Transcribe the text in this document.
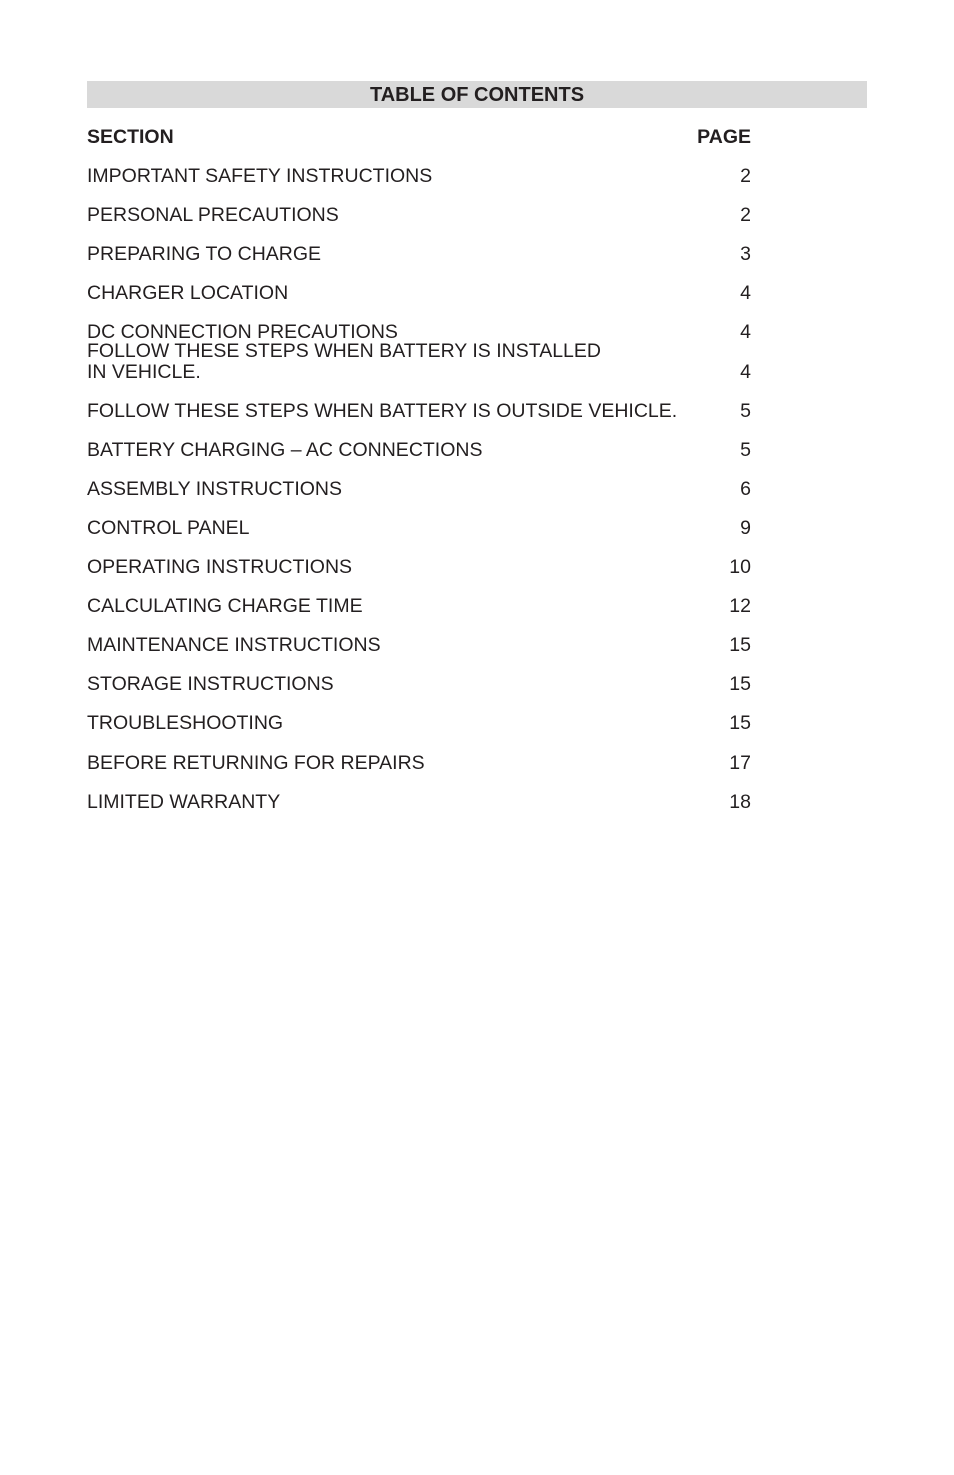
TABLE OF CONTENTS
SECTION	PAGE
IMPORTANT SAFETY INSTRUCTIONS	2
PERSONAL PRECAUTIONS	2
PREPARING TO CHARGE	3
CHARGER LOCATION	4
DC CONNECTION PRECAUTIONS	4
FOLLOW THESE STEPS WHEN BATTERY IS INSTALLED
IN VEHICLE.	4
FOLLOW THESE STEPS WHEN BATTERY IS OUTSIDE VEHICLE.	5
BATTERY CHARGING – AC CONNECTIONS	5
ASSEMBLY INSTRUCTIONS	6
CONTROL PANEL	9
OPERATING INSTRUCTIONS	10
CALCULATING CHARGE TIME	12
MAINTENANCE INSTRUCTIONS	15
STORAGE INSTRUCTIONS	15
TROUBLESHOOTING	15
BEFORE RETURNING FOR REPAIRS	17
LIMITED WARRANTY	18
